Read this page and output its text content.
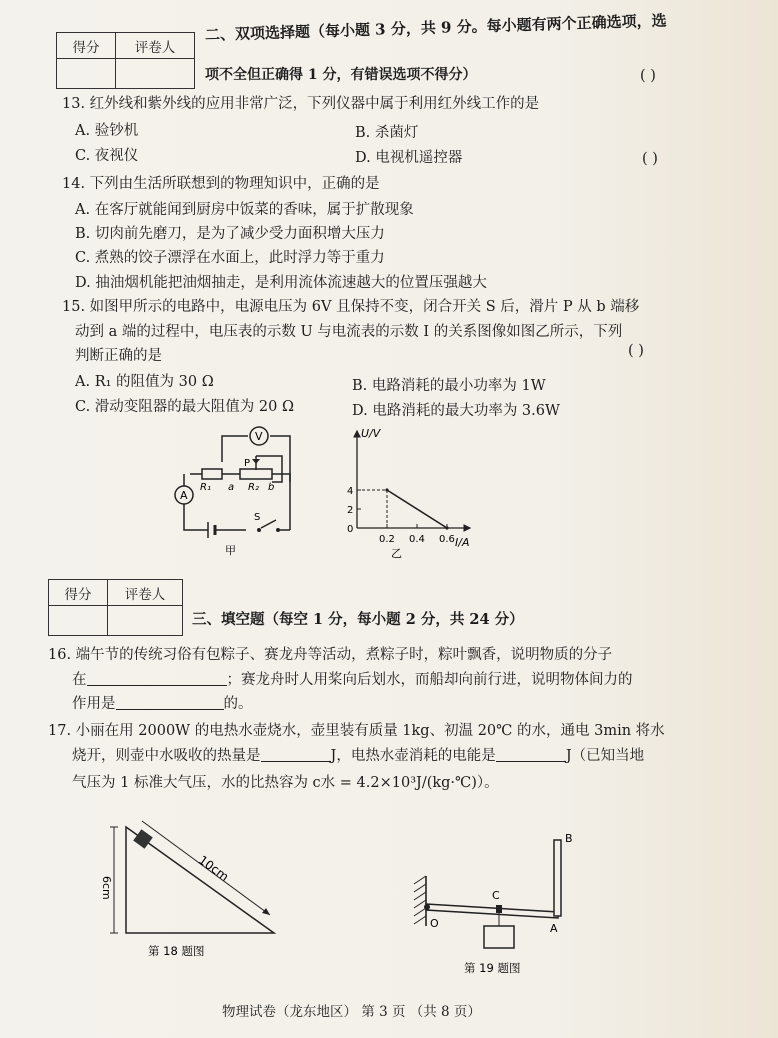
得分	评卷人

二、双项选择题（每小题 3 分，共 9 分。每小题有两个正确选项，选
项不全但正确得 1 分，有错误选项不得分）	( )
13. 红外线和紫外线的应用非常广泛，下列仪器中属于利用红外线工作的是
A. 验钞机	B. 杀菌灯
C. 夜视仪	D. 电视机遥控器	( )
14. 下列由生活所联想到的物理知识中，正确的是
A. 在客厅就能闻到厨房中饭菜的香味，属于扩散现象
B. 切肉前先磨刀，是为了减少受力面积增大压力
C. 煮熟的饺子漂浮在水面上，此时浮力等于重力
D. 抽油烟机能把油烟抽走，是利用流体流速越大的位置压强越大
15. 如图甲所示的电路中，电源电压为 6V 且保持不变，闭合开关 S 后，滑片 P 从 b 端移
动到 a 端的过程中，电压表的示数 U 与电流表的示数 I 的关系图像如图乙所示，下列
判断正确的是	( )
A. R₁ 的阻值为 30 Ω	B. 电路消耗的最小功率为 1W
C. 滑动变阻器的最大阻值为 20 Ω	D. 电路消耗的最大功率为 3.6W
V
A
P
R₁ a R₂ b
S
甲
0
2
4
0.2 0.4 0.6
U/V
I/A
乙
得分	评卷人

三、填空题（每空 1 分，每小题 2 分，共 24 分）
16. 端午节的传统习俗有包粽子、赛龙舟等活动，煮粽子时，粽叶飘香，说明物质的分子
在	；赛龙舟时人用桨向后划水，而船却向前行进，说明物体间力的
作用是	的。
17. 小丽在用 2000W 的电热水壶烧水，壶里装有质量 1kg、初温 20℃ 的水，通电 3min 将水
烧开，则壶中水吸收的热量是	J，电热水壶消耗的电能是	J（已知当地
气压为 1 标准大气压，水的比热容为 c水 = 4.2×10³J/(kg·℃)）。
6cm
10cm
第 18 题图
B
C
O	A
第 19 题图
物理试卷（龙东地区） 第 3 页 （共 8 页）
